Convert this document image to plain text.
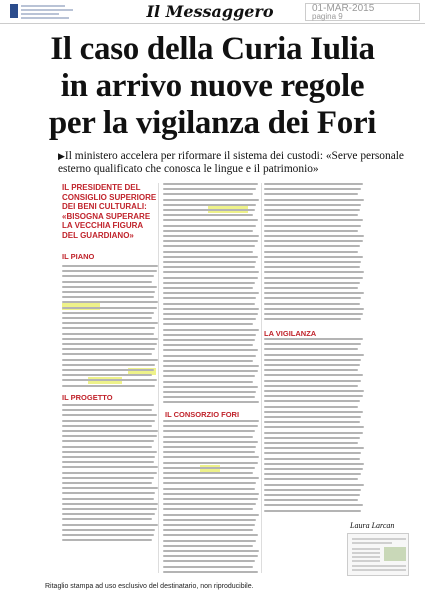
Il Messaggero	01-MAR-2015
pagina 9
Il caso della Curia Iulia
in arrivo nuove regole
per la vigilanza dei Fori
▶Il ministero accelera per riformare il sistema dei custodi: «Serve personale esterno qualificato che conosca le lingue e il patrimonio»
IL PRESIDENTE DEL CONSIGLIO SUPERIORE DEI BENI CULTURALI: «BISOGNA SUPERARE LA VECCHIA FIGURA DEL GUARDIANO»
IL PIANO
IL PROGETTO
IL CONSORZIO FORI
LA VIGILANZA
Laura Larcan
Ritaglio stampa ad uso esclusivo del destinatario, non riproducibile.
